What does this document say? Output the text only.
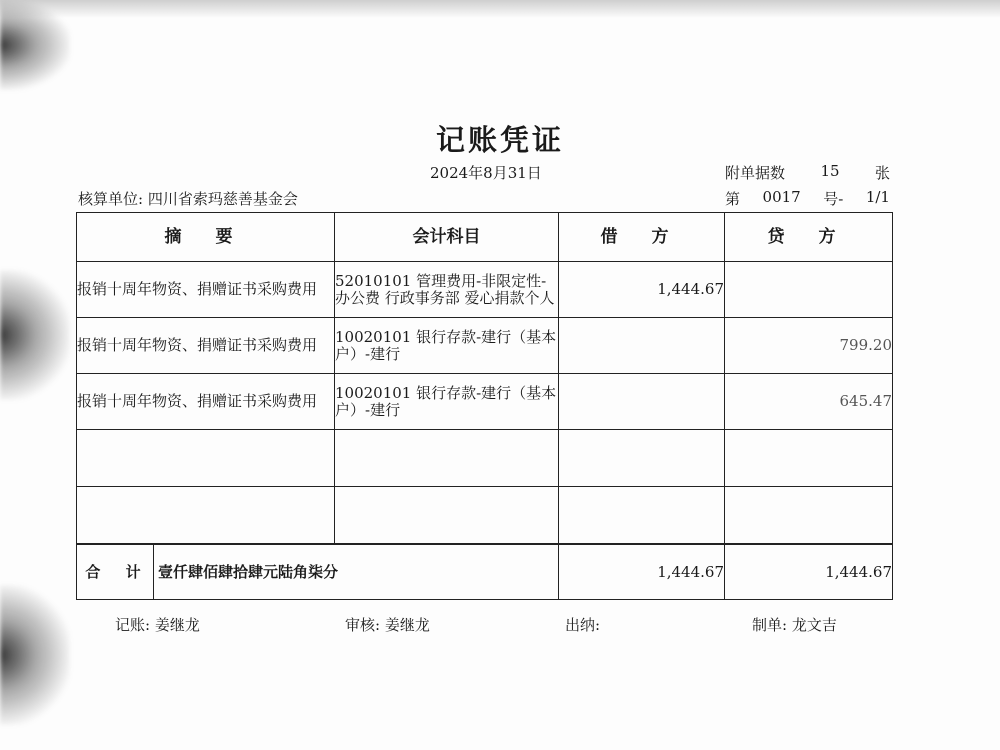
记账凭证
2024年8月31日	附单据数 15 张
核算单位: 四川省索玛慈善基金会	第 0017 号- 1/1
摘 要	会计科目	借 方	贷 方
报销十周年物资、捐赠证书采购费用	52010101 管理费用-非限定性-办公费 行政事务部 爱心捐款个人	1,444.67	
报销十周年物资、捐赠证书采购费用	10020101 银行存款-建行（基本户）-建行		799.20
报销十周年物资、捐赠证书采购费用	10020101 银行存款-建行（基本户）-建行		645.47

合 计 壹仟肆佰肆拾肆元陆角柒分		1,444.67	1,444.67
记账: 姜继龙	审核: 姜继龙	出纳:	制单: 龙文吉
